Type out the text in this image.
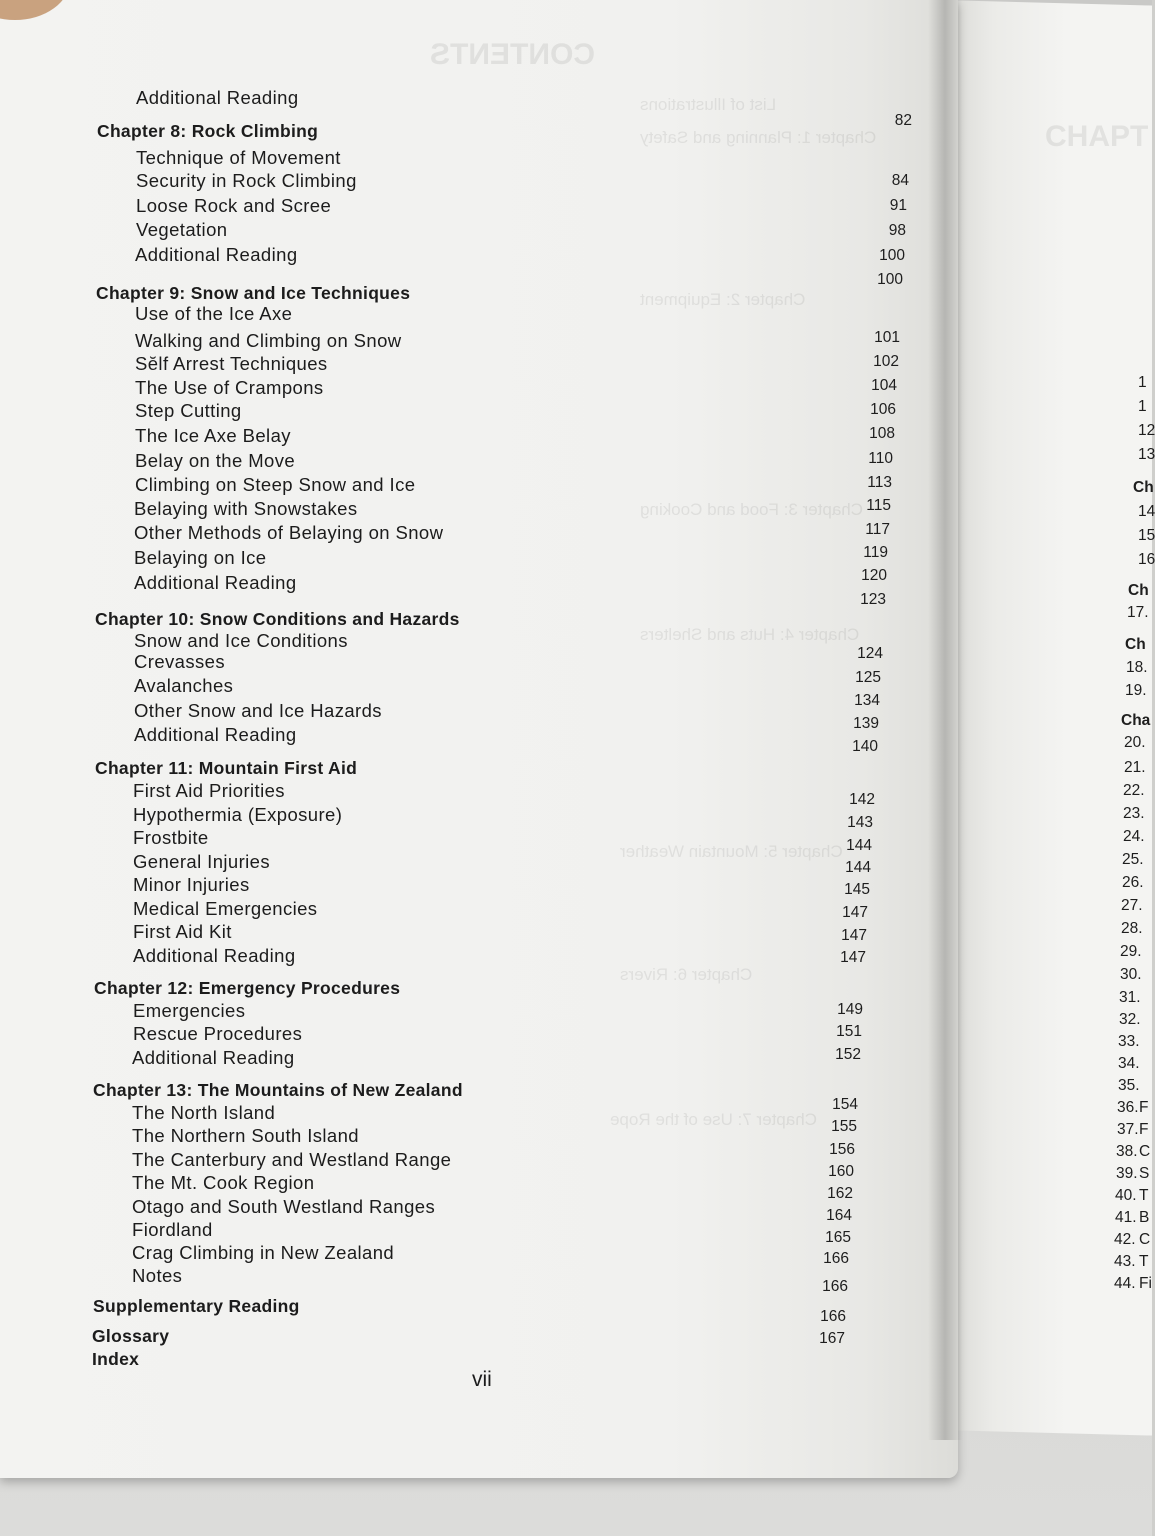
CONTENTS
List of Illustrations
Chapter 1: Planning and Safety
Chapter 2: Equipment
Chapter 3: Food and Cooking
Chapter 4: Huts and Shelters
Chapter 5: Mountain Weather
Chapter 6: Rivers
Chapter 7: Use of the Rope
CHAPT
Additional Reading
Chapter 8: Rock Climbing
Technique of Movement
Security in Rock Climbing
Loose Rock and Scree
Vegetation
Additional Reading
Chapter 9: Snow and Ice Techniques
Use of the Ice Axe
Walking and Climbing on Snow
Sĕlf Arrest Techniques
The Use of Crampons
Step Cutting
The Ice Axe Belay
Belay on the Move
Climbing on Steep Snow and Ice
Belaying with Snowstakes
Other Methods of Belaying on Snow
Belaying on Ice
Additional Reading
Chapter 10: Snow Conditions and Hazards
Snow and Ice Conditions
Crevasses
Avalanches
Other Snow and Ice Hazards
Additional Reading
Chapter 11: Mountain First Aid
First Aid Priorities
Hypothermia (Exposure)
Frostbite
General Injuries
Minor Injuries
Medical Emergencies
First Aid Kit
Additional Reading
Chapter 12: Emergency Procedures
Emergencies
Rescue Procedures
Additional Reading
Chapter 13: The Mountains of New Zealand
The North Island
The Northern South Island
The Canterbury and Westland Range
The Mt. Cook Region
Otago and South Westland Ranges
Fiordland
Crag Climbing in New Zealand
Notes
Supplementary Reading
Glossary
Index
82
84
91
98
100
100
101
102
104
106
108
110
113
115
117
119
120
123
124
125
134
139
140
142
143
144
144
145
147
147
147
149
151
152
154
155
156
160
162
164
165
166
166
166
167
vii
1
1
12
13
14
15
16
17.
18.
19.
20.
21.
22.
23.
24.
25.
26.
27.
28.
29.
30.
31.
32.
33.
34.
35.
36.
37.
38.
39.
40.
41.
42.
43.
44.
Ch
Ch
Ch
Cha
F
F
C
S
T
B
C
T
Fi
